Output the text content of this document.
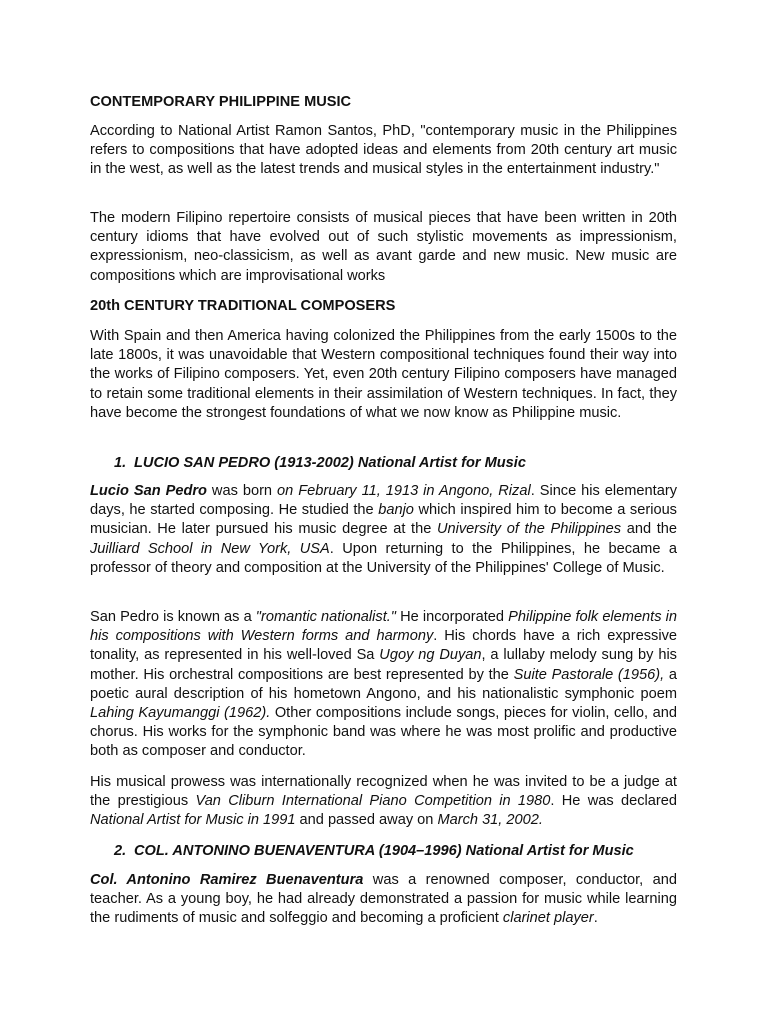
CONTEMPORARY PHILIPPINE MUSIC

According to National Artist Ramon Santos, PhD, "contemporary music in the Philippines refers to compositions that have adopted ideas and elements from 20th century art music in the west, as well as the latest trends and musical styles in the entertainment industry."

The modern Filipino repertoire consists of musical pieces that have been written in 20th century idioms that have evolved out of such stylistic movements as impressionism, expressionism, neo-classicism, as well as avant garde and new music. New music are compositions which are improvisational works

20th CENTURY TRADITIONAL COMPOSERS

With Spain and then America having colonized the Philippines from the early 1500s to the late 1800s, it was unavoidable that Western compositional techniques found their way into the works of Filipino composers. Yet, even 20th century Filipino composers have managed to retain some traditional elements in their assimilation of Western techniques. In fact, they have become the strongest foundations of what we now know as Philippine music.

1. LUCIO SAN PEDRO (1913-2002) National Artist for Music

Lucio San Pedro was born on February 11, 1913 in Angono, Rizal. Since his elementary days, he started composing. He studied the banjo which inspired him to become a serious musician. He later pursued his music degree at the University of the Philippines and the Juilliard School in New York, USA. Upon returning to the Philippines, he became a professor of theory and composition at the University of the Philippines' College of Music.

San Pedro is known as a "romantic nationalist." He incorporated Philippine folk elements in his compositions with Western forms and harmony. His chords have a rich expressive tonality, as represented in his well-loved Sa Ugoy ng Duyan, a lullaby melody sung by his mother. His orchestral compositions are best represented by the Suite Pastorale (1956), a poetic aural description of his hometown Angono, and his nationalistic symphonic poem Lahing Kayumanggi (1962). Other compositions include songs, pieces for violin, cello, and chorus. His works for the symphonic band was where he was most prolific and productive both as composer and conductor.

His musical prowess was internationally recognized when he was invited to be a judge at the prestigious Van Cliburn International Piano Competition in 1980. He was declared National Artist for Music in 1991 and passed away on March 31, 2002.

2. COL. ANTONINO BUENAVENTURA (1904–1996) National Artist for Music

Col. Antonino Ramirez Buenaventura was a renowned composer, conductor, and teacher. As a young boy, he had already demonstrated a passion for music while learning the rudiments of music and solfeggio and becoming a proficient clarinet player.
